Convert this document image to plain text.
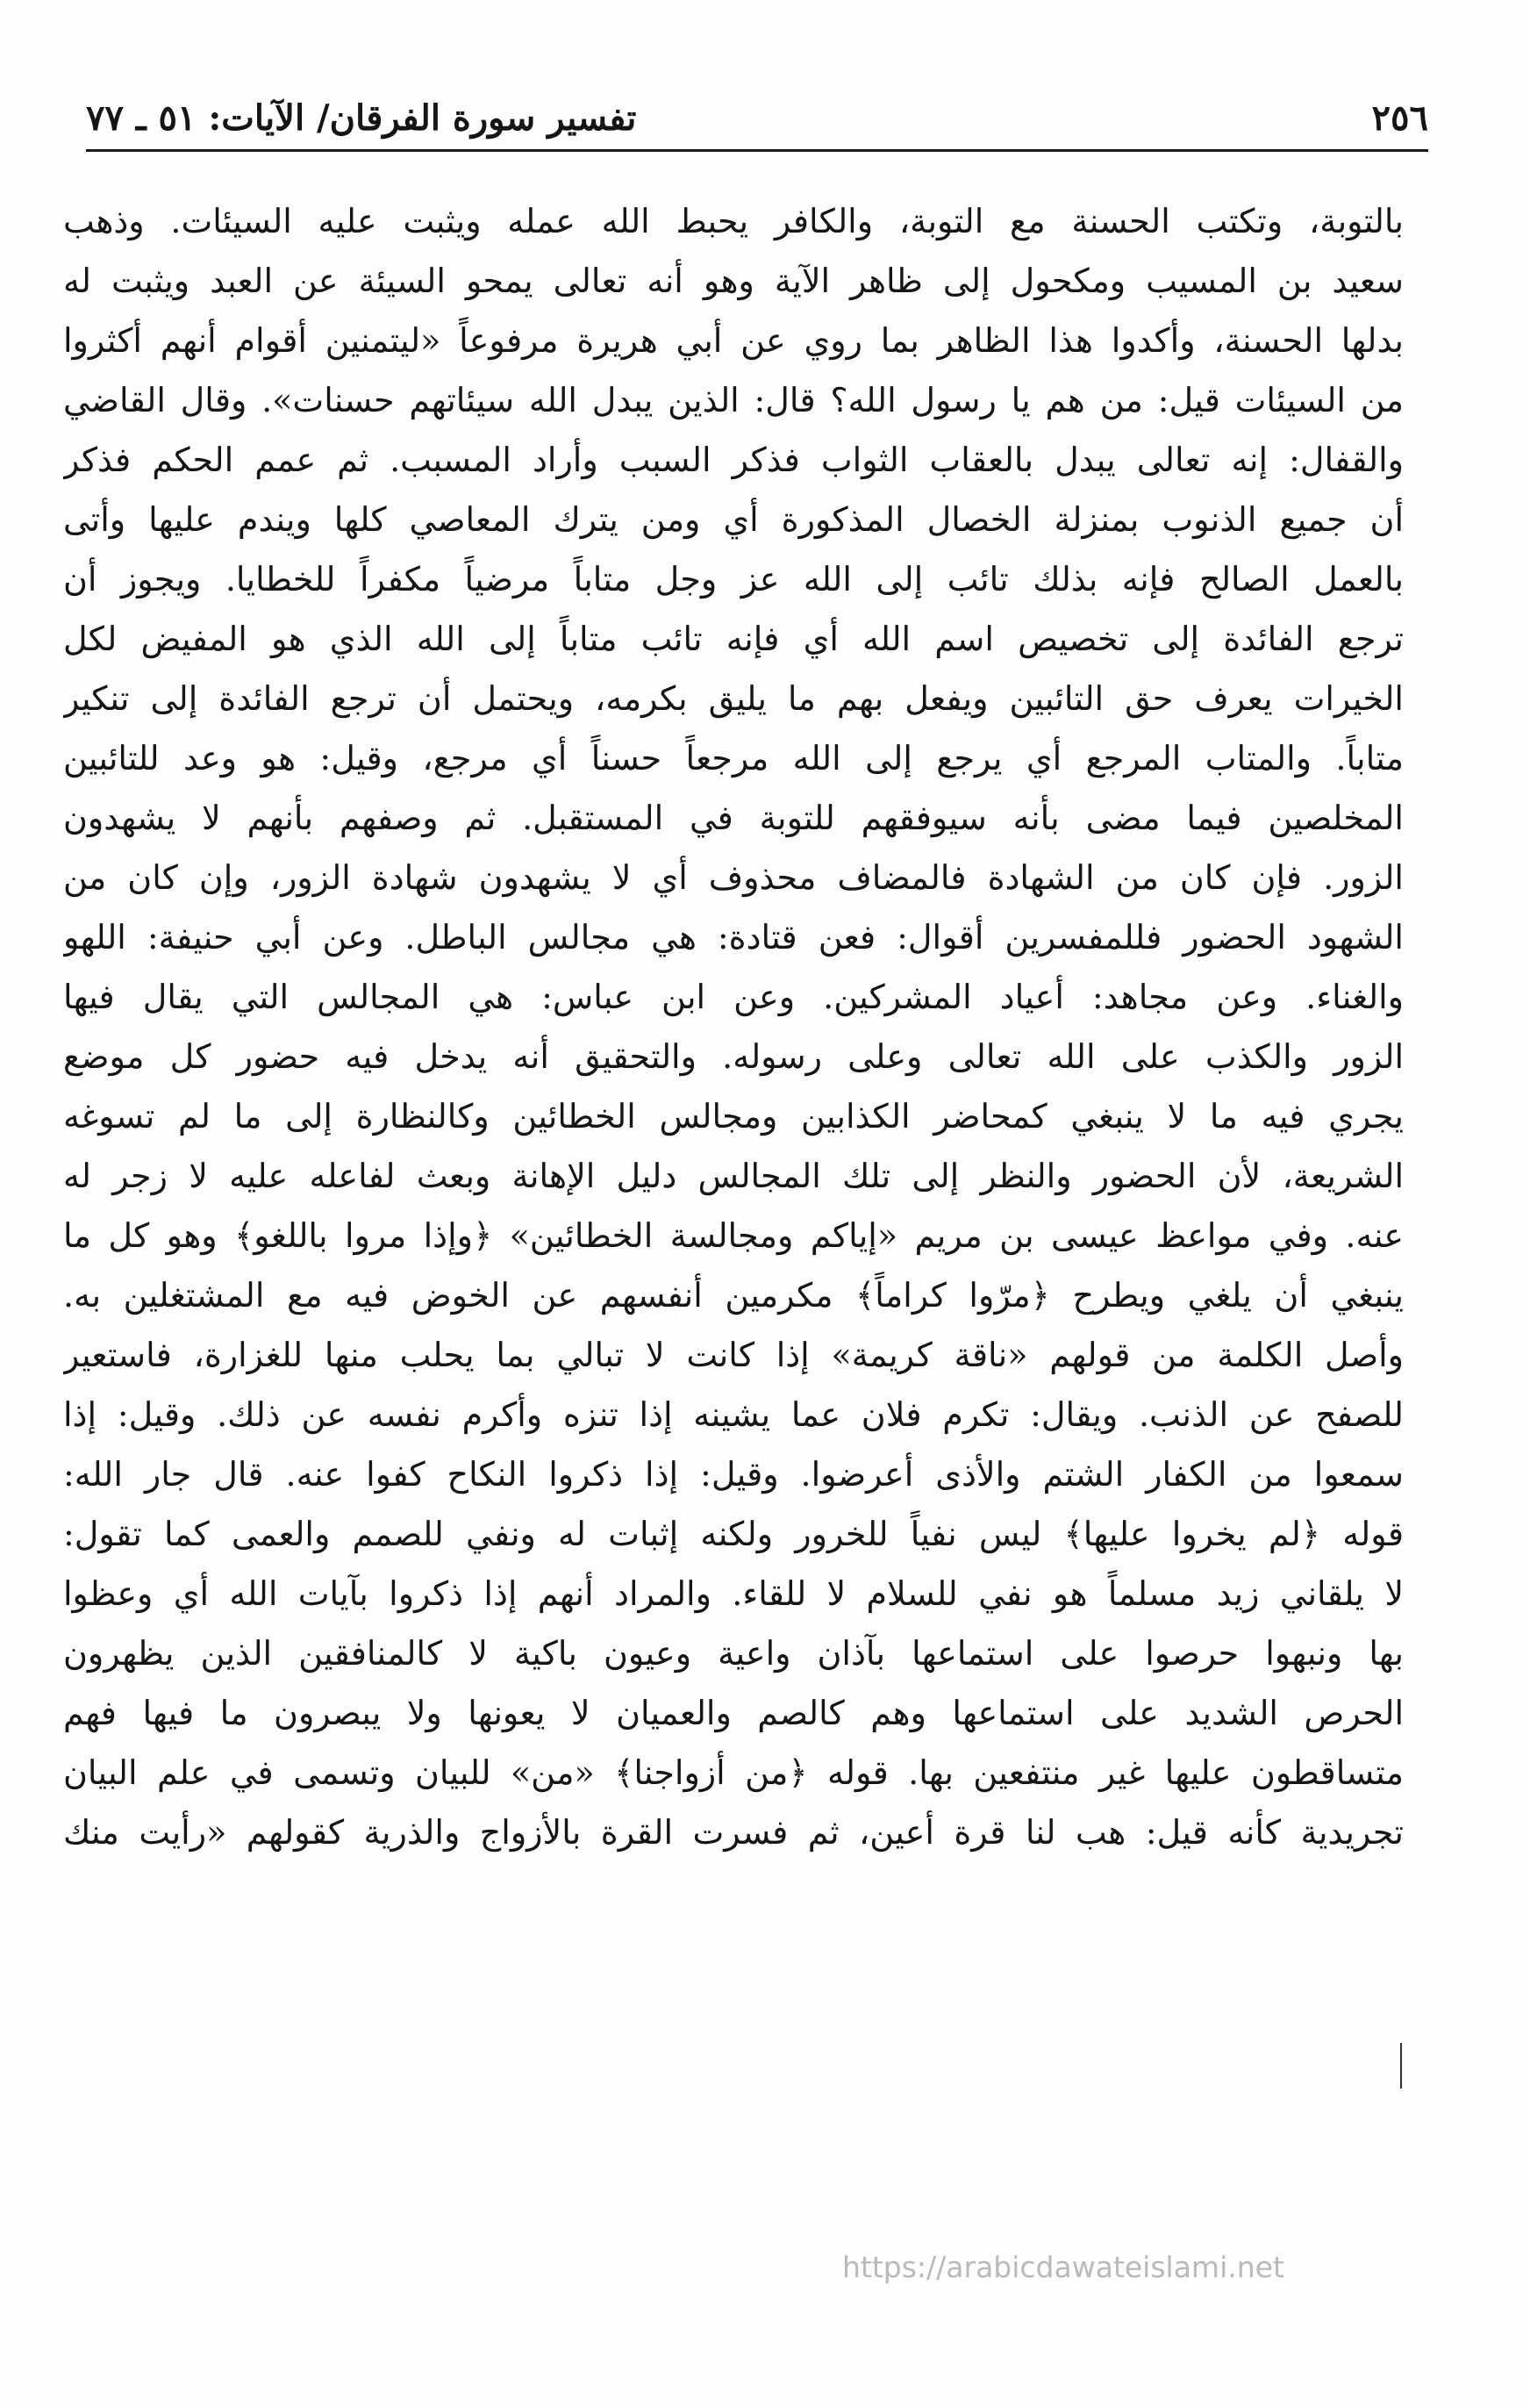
٢٥٦
تفسير سورة الفرقان/ الآيات: ٥١ ـ ٧٧
بالتوبة، وتكتب الحسنة مع التوبة، والكافر يحبط الله عمله ويثبت عليه السيئات. وذهب
سعيد بن المسيب ومكحول إلى ظاهر الآية وهو أنه تعالى يمحو السيئة عن العبد ويثبت له
بدلها الحسنة، وأكدوا هذا الظاهر بما روي عن أبي هريرة مرفوعاً «ليتمنين أقوام أنهم أكثروا
من السيئات قيل: من هم يا رسول الله؟ قال: الذين يبدل الله سيئاتهم حسنات». وقال القاضي
والقفال: إنه تعالى يبدل بالعقاب الثواب فذكر السبب وأراد المسبب. ثم عمم الحكم فذكر
أن جميع الذنوب بمنزلة الخصال المذكورة أي ومن يترك المعاصي كلها ويندم عليها وأتى
بالعمل الصالح فإنه بذلك تائب إلى الله عز وجل متاباً مرضياً مكفراً للخطايا. ويجوز أن
ترجع الفائدة إلى تخصيص اسم الله أي فإنه تائب متاباً إلى الله الذي هو المفيض لكل
الخيرات يعرف حق التائبين ويفعل بهم ما يليق بكرمه، ويحتمل أن ترجع الفائدة إلى تنكير
متاباً. والمتاب المرجع أي يرجع إلى الله مرجعاً حسناً أي مرجع، وقيل: هو وعد للتائبين
المخلصين فيما مضى بأنه سيوفقهم للتوبة في المستقبل. ثم وصفهم بأنهم لا يشهدون
الزور. فإن كان من الشهادة فالمضاف محذوف أي لا يشهدون شهادة الزور، وإن كان من
الشهود الحضور فللمفسرين أقوال: فعن قتادة: هي مجالس الباطل. وعن أبي حنيفة: اللهو
والغناء. وعن مجاهد: أعياد المشركين. وعن ابن عباس: هي المجالس التي يقال فيها
الزور والكذب على الله تعالى وعلى رسوله. والتحقيق أنه يدخل فيه حضور كل موضع
يجري فيه ما لا ينبغي كمحاضر الكذابين ومجالس الخطائين وكالنظارة إلى ما لم تسوغه
الشريعة، لأن الحضور والنظر إلى تلك المجالس دليل الإهانة وبعث لفاعله عليه لا زجر له
عنه. وفي مواعظ عيسى بن مريم «إياكم ومجالسة الخطائين» ﴿وإذا مروا باللغو﴾ وهو كل ما
ينبغي أن يلغي ويطرح ﴿مرّوا كراماً﴾ مكرمين أنفسهم عن الخوض فيه مع المشتغلين به.
وأصل الكلمة من قولهم «ناقة كريمة» إذا كانت لا تبالي بما يحلب منها للغزارة، فاستعير
للصفح عن الذنب. ويقال: تكرم فلان عما يشينه إذا تنزه وأكرم نفسه عن ذلك. وقيل: إذا
سمعوا من الكفار الشتم والأذى أعرضوا. وقيل: إذا ذكروا النكاح كفوا عنه. قال جار الله:
قوله ﴿لم يخروا عليها﴾ ليس نفياً للخرور ولكنه إثبات له ونفي للصمم والعمى كما تقول:
لا يلقاني زيد مسلماً هو نفي للسلام لا للقاء. والمراد أنهم إذا ذكروا بآيات الله أي وعظوا
بها ونبهوا حرصوا على استماعها بآذان واعية وعيون باكية لا كالمنافقين الذين يظهرون
الحرص الشديد على استماعها وهم كالصم والعميان لا يعونها ولا يبصرون ما فيها فهم
متساقطون عليها غير منتفعين بها. قوله ﴿من أزواجنا﴾ «من» للبيان وتسمى في علم البيان
تجريدية كأنه قيل: هب لنا قرة أعين، ثم فسرت القرة بالأزواج والذرية كقولهم «رأيت منك
https://arabicdawateislami.net
